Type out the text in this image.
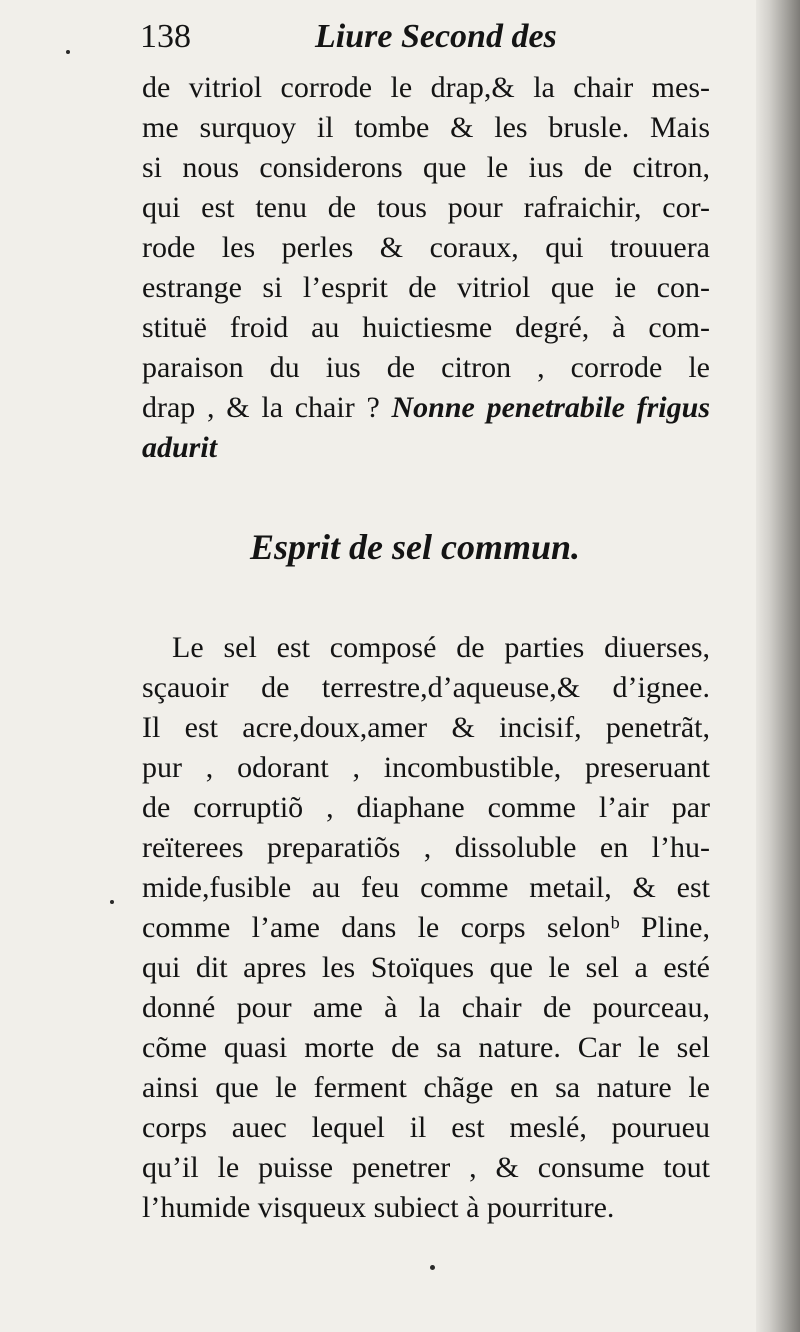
138	Liure Second des

de vitriol corrode le drap,& la chair mes-

me surquoy il tombe & les brusle. Mais

si nous considerons que le ius de citron,

qui est tenu de tous pour rafraichir, cor-

rode les perles & coraux, qui trouuera

estrange si l’esprit de vitriol que ie con-

stituë froid au huictiesme degré, à com-

paraison du ius de citron , corrode le

drap , & la chair ? Nonne penetrabile frigus

adurit

Esprit de sel commun.

Le sel est composé de parties diuerses,

sçauoir de terrestre,d’aqueuse,& d’ignee.

Il est acre,doux,amer & incisif, penetrãt,

pur , odorant , incombustible, preseruant

de corruptiõ , diaphane comme l’air par

reïterees preparatiõs , dissoluble en l’hu-

mide,fusible au feu comme metail, & est

comme l’ame dans le corps selonᵇ Pline,

qui dit apres les Stoïques que le sel a esté

donné pour ame à la chair de pourceau,

cõme quasi morte de sa nature. Car le sel

ainsi que le ferment chãge en sa nature le

corps auec lequel il est meslé, pourueu

qu’il le puisse penetrer , & consume tout

l’humide visqueux subiect à pourriture.
